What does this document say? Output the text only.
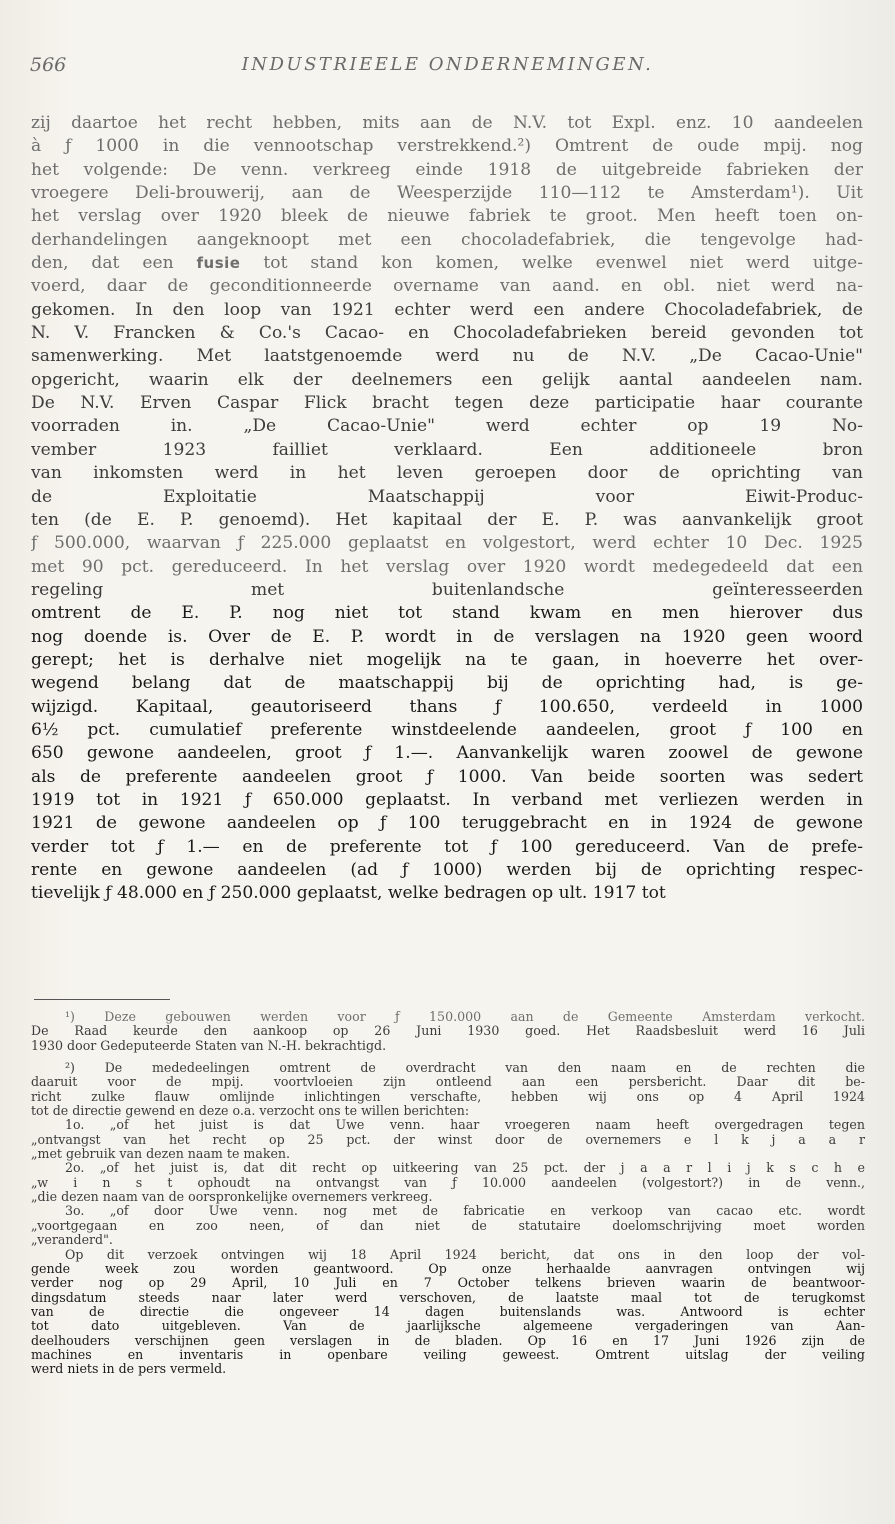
566	INDUSTRIEELE ONDERNEMINGEN.
zij daartoe het recht hebben, mits aan de N.V. tot Expl. enz. 10 aandeelen
à ƒ 1000 in die vennootschap verstrekkend.²) Omtrent de oude mpij. nog
het volgende: De venn. verkreeg einde 1918 de uitgebreide fabrieken der
vroegere Deli-brouwerij, aan de Weesperzijde 110—112 te Amsterdam¹). Uit
het verslag over 1920 bleek de nieuwe fabriek te groot. Men heeft toen on-
derhandelingen aangeknoopt met een chocoladefabriek, die tengevolge had-
den, dat een fusie tot stand kon komen, welke evenwel niet werd uitge-
voerd, daar de geconditionneerde overname van aand. en obl. niet werd na-
gekomen. In den loop van 1921 echter werd een andere Chocoladefabriek, de
N. V. Francken & Co.'s Cacao- en Chocoladefabrieken bereid gevonden tot
samenwerking. Met laatstgenoemde werd nu de N.V. „De Cacao-Unie"
opgericht, waarin elk der deelnemers een gelijk aantal aandeelen nam.
De N.V. Erven Caspar Flick bracht tegen deze participatie haar courante
voorraden in. „De Cacao-Unie" werd echter op 19 No-
vember 1923 failliet verklaard. Een additioneele bron
van inkomsten werd in het leven geroepen door de oprichting van
de Exploitatie Maatschappij voor Eiwit-Produc-
ten (de E. P. genoemd). Het kapitaal der E. P. was aanvankelijk groot
ƒ 500.000, waarvan ƒ 225.000 geplaatst en volgestort, werd echter 10 Dec. 1925
met 90 pct. gereduceerd. In het verslag over 1920 wordt medegedeeld dat een
regeling met buitenlandsche geïnteresseerden
omtrent de E. P. nog niet tot stand kwam en men hierover dus
nog doende is. Over de E. P. wordt in de verslagen na 1920 geen woord
gerept; het is derhalve niet mogelijk na te gaan, in hoeverre het over-
wegend belang dat de maatschappij bij de oprichting had, is ge-
wijzigd. Kapitaal, geautoriseerd thans ƒ 100.650, verdeeld in 1000
6½ pct. cumulatief preferente winstdeelende aandeelen, groot ƒ 100 en
650 gewone aandeelen, groot ƒ 1.—. Aanvankelijk waren zoowel de gewone
als de preferente aandeelen groot ƒ 1000. Van beide soorten was sedert
1919 tot in 1921 ƒ 650.000 geplaatst. In verband met verliezen werden in
1921 de gewone aandeelen op ƒ 100 teruggebracht en in 1924 de gewone
verder tot ƒ 1.— en de preferente tot ƒ 100 gereduceerd. Van de prefe-
rente en gewone aandeelen (ad ƒ 1000) werden bij de oprichting respec-
tievelijk ƒ 48.000 en ƒ 250.000 geplaatst, welke bedragen op ult. 1917 tot
¹) Deze gebouwen werden voor ƒ 150.000 aan de Gemeente Amsterdam verkocht.
De Raad keurde den aankoop op 26 Juni 1930 goed. Het Raadsbesluit werd 16 Juli
1930 door Gedeputeerde Staten van N.-H. bekrachtigd.
²) De mededeelingen omtrent de overdracht van den naam en de rechten die
daaruit voor de mpij. voortvloeien zijn ontleend aan een persbericht. Daar dit be-
richt zulke flauw omlijnde inlichtingen verschafte, hebben wij ons op 4 April 1924
tot de directie gewend en deze o.a. verzocht ons te willen berichten:
1o. „of het juist is dat Uwe venn. haar vroegeren naam heeft overgedragen tegen
„ontvangst van het recht op 25 pct. der winst door de overnemers e l k j a a r
„met gebruik van dezen naam te maken.
2o. „of het juist is, dat dit recht op uitkeering van 25 pct. der j a a r l i j k s c h e
„w i n s t ophoudt na ontvangst van ƒ 10.000 aandeelen (volgestort?) in de venn.,
„die dezen naam van de oorspronkelijke overnemers verkreeg.
3o. „of door Uwe venn. nog met de fabricatie en verkoop van cacao etc. wordt
„voortgegaan en zoo neen, of dan niet de statutaire doelomschrijving moet worden
„veranderd".
Op dit verzoek ontvingen wij 18 April 1924 bericht, dat ons in den loop der vol-
gende week zou worden geantwoord. Op onze herhaalde aanvragen ontvingen wij
verder nog op 29 April, 10 Juli en 7 October telkens brieven waarin de beantwoor-
dingsdatum steeds naar later werd verschoven, de laatste maal tot de terugkomst
van de directie die ongeveer 14 dagen buitenslands was. Antwoord is echter
tot dato uitgebleven. Van de jaarlijksche algemeene vergaderingen van Aan-
deelhouders verschijnen geen verslagen in de bladen. Op 16 en 17 Juni 1926 zijn de
machines en inventaris in openbare veiling geweest. Omtrent uitslag der veiling
werd niets in de pers vermeld.
